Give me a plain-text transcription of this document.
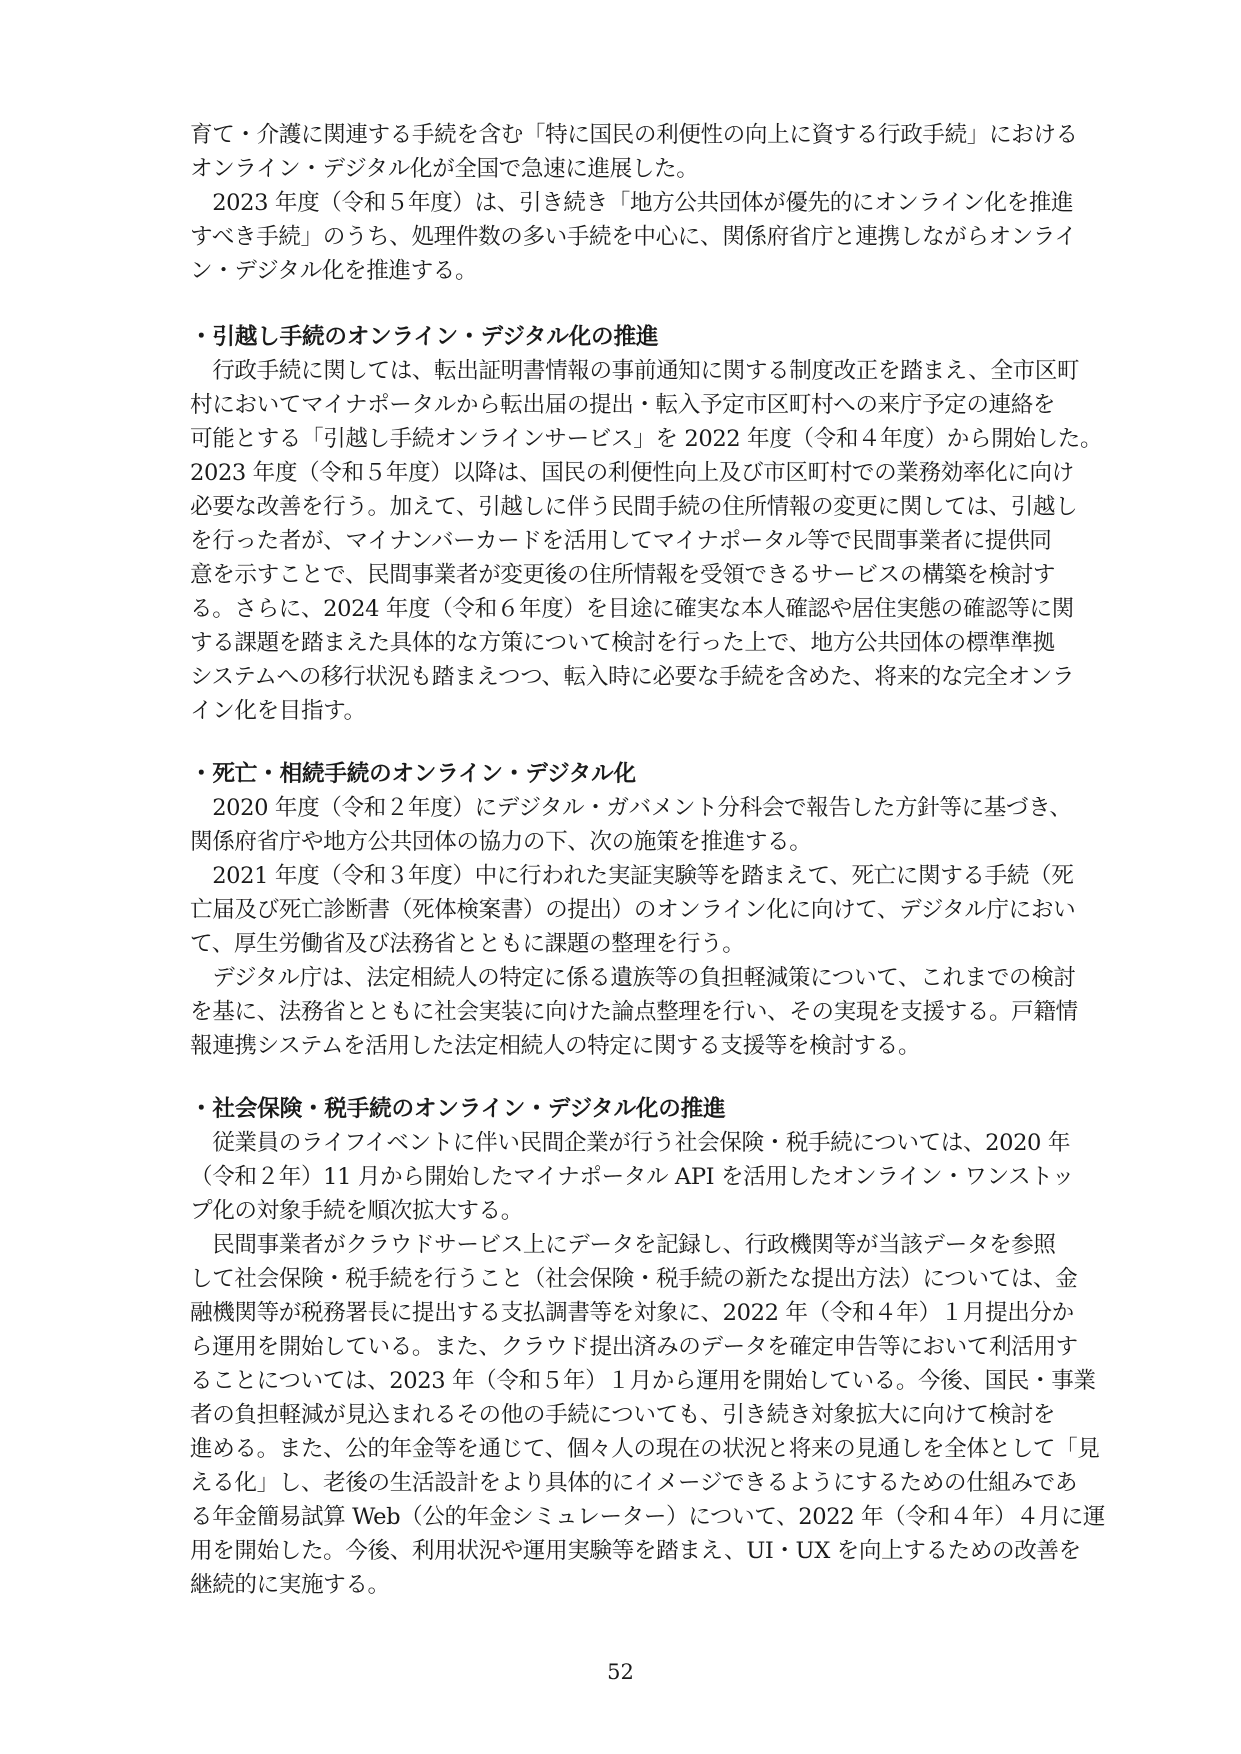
育て・介護に関連する手続を含む「特に国民の利便性の向上に資する行政手続」における
オンライン・デジタル化が全国で急速に進展した。
　2023 年度（令和５年度）は、引き続き「地方公共団体が優先的にオンライン化を推進
すべき手続」のうち、処理件数の多い手続を中心に、関係府省庁と連携しながらオンライ
ン・デジタル化を推進する。
・引越し手続のオンライン・デジタル化の推進
　行政手続に関しては、転出証明書情報の事前通知に関する制度改正を踏まえ、全市区町
村においてマイナポータルから転出届の提出・転入予定市区町村への来庁予定の連絡を
可能とする「引越し手続オンラインサービス」を 2022 年度（令和４年度）から開始した。
2023 年度（令和５年度）以降は、国民の利便性向上及び市区町村での業務効率化に向け
必要な改善を行う。加えて、引越しに伴う民間手続の住所情報の変更に関しては、引越し
を行った者が、マイナンバーカードを活用してマイナポータル等で民間事業者に提供同
意を示すことで、民間事業者が変更後の住所情報を受領できるサービスの構築を検討す
る。さらに、2024 年度（令和６年度）を目途に確実な本人確認や居住実態の確認等に関
する課題を踏まえた具体的な方策について検討を行った上で、地方公共団体の標準準拠
システムへの移行状況も踏まえつつ、転入時に必要な手続を含めた、将来的な完全オンラ
イン化を目指す。
・死亡・相続手続のオンライン・デジタル化
　2020 年度（令和２年度）にデジタル・ガバメント分科会で報告した方針等に基づき、
関係府省庁や地方公共団体の協力の下、次の施策を推進する。
　2021 年度（令和３年度）中に行われた実証実験等を踏まえて、死亡に関する手続（死
亡届及び死亡診断書（死体検案書）の提出）のオンライン化に向けて、デジタル庁におい
て、厚生労働省及び法務省とともに課題の整理を行う。
　デジタル庁は、法定相続人の特定に係る遺族等の負担軽減策について、これまでの検討
を基に、法務省とともに社会実装に向けた論点整理を行い、その実現を支援する。戸籍情
報連携システムを活用した法定相続人の特定に関する支援等を検討する。
・社会保険・税手続のオンライン・デジタル化の推進
　従業員のライフイベントに伴い民間企業が行う社会保険・税手続については、2020 年
（令和２年）11 月から開始したマイナポータル API を活用したオンライン・ワンストッ
プ化の対象手続を順次拡大する。
　民間事業者がクラウドサービス上にデータを記録し、行政機関等が当該データを参照
して社会保険・税手続を行うこと（社会保険・税手続の新たな提出方法）については、金
融機関等が税務署長に提出する支払調書等を対象に、2022 年（令和４年）１月提出分か
ら運用を開始している。また、クラウド提出済みのデータを確定申告等において利活用す
ることについては、2023 年（令和５年）１月から運用を開始している。今後、国民・事業
者の負担軽減が見込まれるその他の手続についても、引き続き対象拡大に向けて検討を
進める。また、公的年金等を通じて、個々人の現在の状況と将来の見通しを全体として「見
える化」し、老後の生活設計をより具体的にイメージできるようにするための仕組みであ
る年金簡易試算 Web（公的年金シミュレーター）について、2022 年（令和４年）４月に運
用を開始した。今後、利用状況や運用実験等を踏まえ、UI・UX を向上するための改善を
継続的に実施する。
52
